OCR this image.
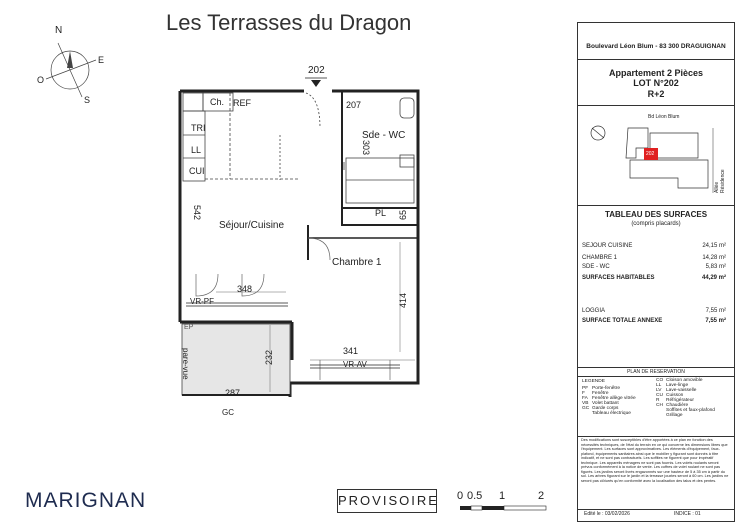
Les Terrasses du Dragon
N
E
S
O
202
Ch. REF
TRI
LL
CUI
Séjour/Cuisine
Sde - WC
PL
Chambre 1
EP
VR-PF
VR-AV
pare-vue
GC
542
207
303
65
348
414
341
232
287
Boulevard Léon Blum - 83 300 DRAGUIGNAN
Appartement 2 Pièces
LOT N°202
R+2
Bd Léon Blum
Allée Résidence
202
TABLEAU DES SURFACES
(compris placards)
SEJOUR CUISINE	24,15 m²
CHAMBRE 1	14,28 m²
SDE - WC	5,83 m²
SURFACES HABITABLES	44,29 m²
LOGGIA	7,55 m²
SURFACE TOTALE ANNEXE	7,55 m²
PLAN DE RESERVATION
LEGENDE
PF Porte-fenêtre
F Fenêtre
FA Fenêtre allège vitrée
VB Volet battant
GC Garde corps
Tableau électrique
CO Cloison amovible
LL Lave-linge
LV Lave-vaisselle
CU Cuisson
R Réfrigérateur
CH Chaudière
Soffites et faux-plafond
Grillage
Des modifications sont susceptibles d'être apportées à ce plan en fonction des nécessités techniques, de l'état du terrain en ce qui concerne les dimensions libres que l'équipement. Les surfaces sont approximatives. Les éléments d'équipement, faux-plafond, équipements sanitaires ainsi que le mobilier y figurant sont donnés à titre indicatif, et ne sont pas contractuels. Les soffites ne figurent que pour impératif technique. Les appareils ménagers ne sont pas fournis. Les volets roulants seront prévus conformément à la notice de vente. Les coffres de volet roulant ne sont pas figurés. Les jardins seront livrés engazonnés sur une hauteur de 5 à 35 cm à partir du sol. Les arbres figurant sur le jardin et la terrasse jouxtes seront à 60 cm. Les jardins ne seront pas clôturés qu'en conformité avec la localisation des talus et des pentes.
Edité le : 03/02/2026	INDICE : 01
MARIGNAN	PROVISOIRE 0 0.5 1	2
